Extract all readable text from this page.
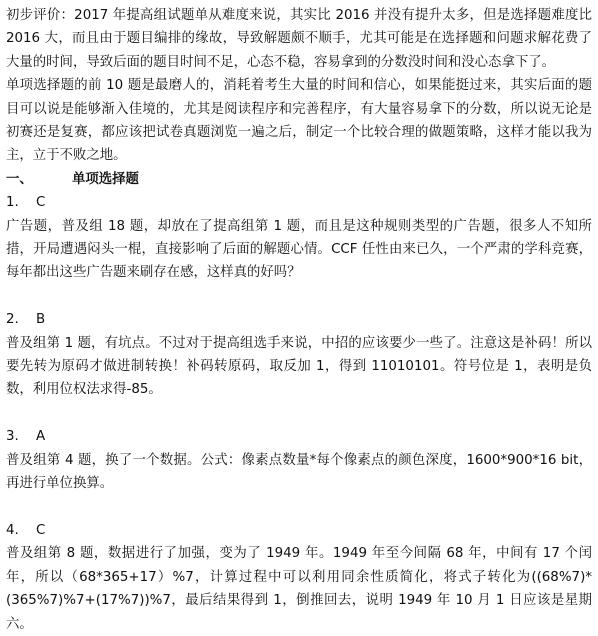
初步评价：2017 年提高组试题单从难度来说，其实比 2016 并没有提升太多，但是选择题难度比 2016 大，而且由于题目编排的缘故，导致解题颇不顺手，尤其可能是在选择题和问题求解花费了大量的时间，导致后面的题目时间不足，心态不稳，容易拿到的分数没时间和没心态拿下了。

单项选择题的前 10 题是最磨人的，消耗着考生大量的时间和信心，如果能挺过来，其实后面的题目可以说是能够渐入佳境的，尤其是阅读程序和完善程序，有大量容易拿下的分数，所以说无论是初赛还是复赛，都应该把试卷真题浏览一遍之后，制定一个比较合理的做题策略，这样才能以我为主，立于不败之地。

一、	单项选择题
1.	C

广告题，普及组 18 题，却放在了提高组第 1 题，而且是这种规则类型的广告题，很多人不知所措，开局遭遇闷头一棍，直接影响了后面的解题心情。CCF 任性由来已久，一个严肃的学科竞赛，每年都出这些广告题来刷存在感，这样真的好吗？

2.	B

普及组第 1 题，有坑点。不过对于提高组选手来说，中招的应该要少一些了。注意这是补码！所以要先转为原码才做进制转换！补码转原码，取反加 1，得到 11010101。符号位是 1，表明是负数，利用位权法求得-85。

3.	A

普及组第 4 题，换了一个数据。公式：像素点数量*每个像素点的颜色深度，1600*900*16 bit，再进行单位换算。

4.	C

普及组第 8 题，数据进行了加强，变为了 1949 年。1949 年至今间隔 68 年，中间有 17 个闰年，所以（68*365+17）%7，计算过程中可以利用同余性质简化，将式子转化为((68%7)*(365%7)%7+(17%7))%7，最后结果得到 1，倒推回去，说明 1949 年 10 月 1 日应该是星期六。
